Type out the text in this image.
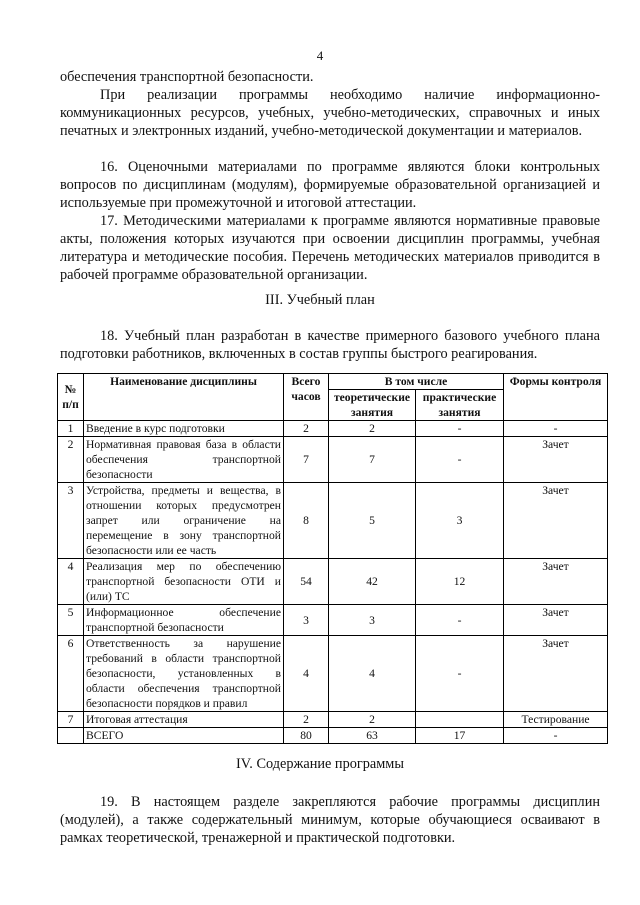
4
обеспечения транспортной безопасности.
При реализации программы необходимо наличие информационно-коммуникационных ресурсов, учебных, учебно-методических, справочных и иных печатных и электронных изданий, учебно-методической документации и материалов.
16. Оценочными материалами по программе являются блоки контрольных вопросов по дисциплинам (модулям), формируемые образовательной организацией и используемые при промежуточной и итоговой аттестации.
17. Методическими материалами к программе являются нормативные правовые акты, положения которых изучаются при освоении дисциплин программы, учебная литература и методические пособия. Перечень методических материалов приводится в рабочей программе образовательной организации.
III. Учебный план
18. Учебный план разработан в качестве примерного базового учебного плана подготовки работников, включенных в состав группы быстрого реагирования.
№ п/п	Наименование дисциплины	Всего часов	В том числе		Формы контроля
			теоретические занятия	практические занятия	
1	Введение в курс подготовки	2	2	-	-
2	Нормативная правовая база в области обеспечения транспортной безопасности	7	7	-	Зачет
3	Устройства, предметы и вещества, в отношении которых предусмотрен запрет или ограничение на перемещение в зону транспортной безопасности или ее часть	8	5	3	Зачет
4	Реализация мер по обеспечению транспортной безопасности ОТИ и (или) ТС	54	42	12	Зачет
5	Информационное обеспечение транспортной безопасности	3	3	-	Зачет
6	Ответственность за нарушение требований в области транспортной безопасности, установленных в области обеспечения транспортной безопасности порядков и правил	4	4	-	Зачет
7	Итоговая аттестация	2	2		Тестирование
	ВСЕГО	80	63	17	-
IV. Содержание программы
19. В настоящем разделе закрепляются рабочие программы дисциплин (модулей), а также содержательный минимум, которые обучающиеся осваивают в рамках теоретической, тренажерной и практической подготовки.
